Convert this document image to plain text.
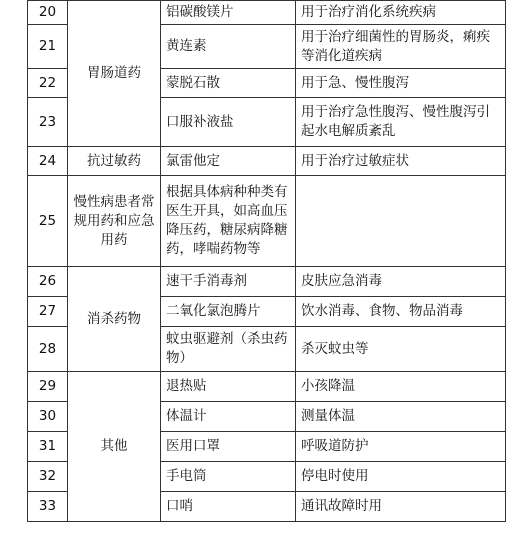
20	胃肠道药	铝碳酸镁片	用于治疗消化系统疾病
21		黄连素	用于治疗细菌性的胃肠炎，痢疾等消化道疾病
22		蒙脱石散	用于急、慢性腹泻
23		口服补液盐	用于治疗急性腹泻、慢性腹泻引起水电解质紊乱
24	抗过敏药	氯雷他定	用于治疗过敏症状
25	慢性病患者常规用药和应急用药	根据具体病种种类有医生开具，如高血压降压药，糖尿病降糖药，哮喘药物等	
26	消杀药物	速干手消毒剂	皮肤应急消毒
27		二氧化氯泡腾片	饮水消毒、食物、物品消毒
28		蚊虫驱避剂（杀虫药物）	杀灭蚊虫等
29	其他	退热贴	小孩降温
30		体温计	测量体温
31		医用口罩	呼吸道防护
32		手电筒	停电时使用
33		口哨	通讯故障时用
